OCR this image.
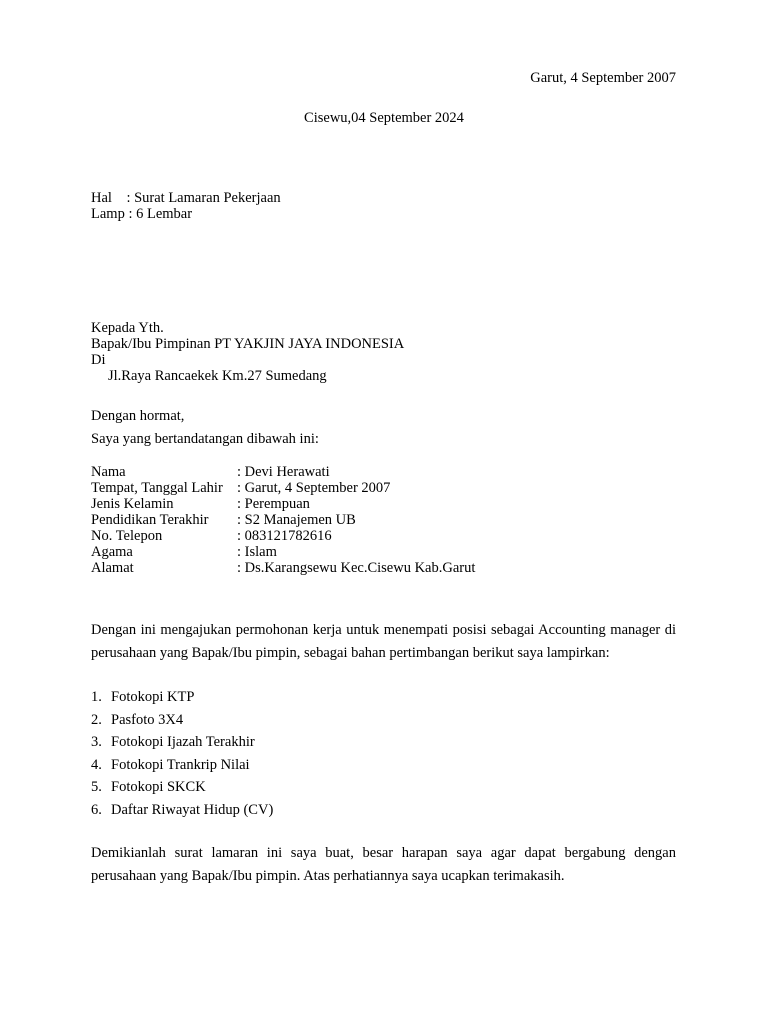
Garut, 4 September 2007
Cisewu,04 September 2024
Hal : Surat Lamaran Pekerjaan
Lamp : 6 Lembar
Kepada Yth.
Bapak/Ibu Pimpinan PT YAKJIN JAYA INDONESIA
Di
Jl.Raya Rancaekek Km.27 Sumedang
Dengan hormat,
Saya yang bertandatangan dibawah ini:
Nama	: Devi Herawati
Tempat, Tanggal Lahir : Garut, 4 September 2007
Jenis Kelamin	: Perempuan
Pendidikan Terakhir	: S2 Manajemen UB
No. Telepon	: 083121782616
Agama	: Islam
Alamat	: Ds.Karangsewu Kec.Cisewu Kab.Garut
Dengan ini mengajukan permohonan kerja untuk menempati posisi sebagai Accounting manager di perusahaan yang Bapak/Ibu pimpin, sebagai bahan pertimbangan berikut saya lampirkan:
1. Fotokopi KTP
2. Pasfoto 3X4
3. Fotokopi Ijazah Terakhir
4. Fotokopi Trankrip Nilai
5. Fotokopi SKCK
6. Daftar Riwayat Hidup (CV)
Demikianlah surat lamaran ini saya buat, besar harapan saya agar dapat bergabung dengan perusahaan yang Bapak/Ibu pimpin. Atas perhatiannya saya ucapkan terimakasih.
